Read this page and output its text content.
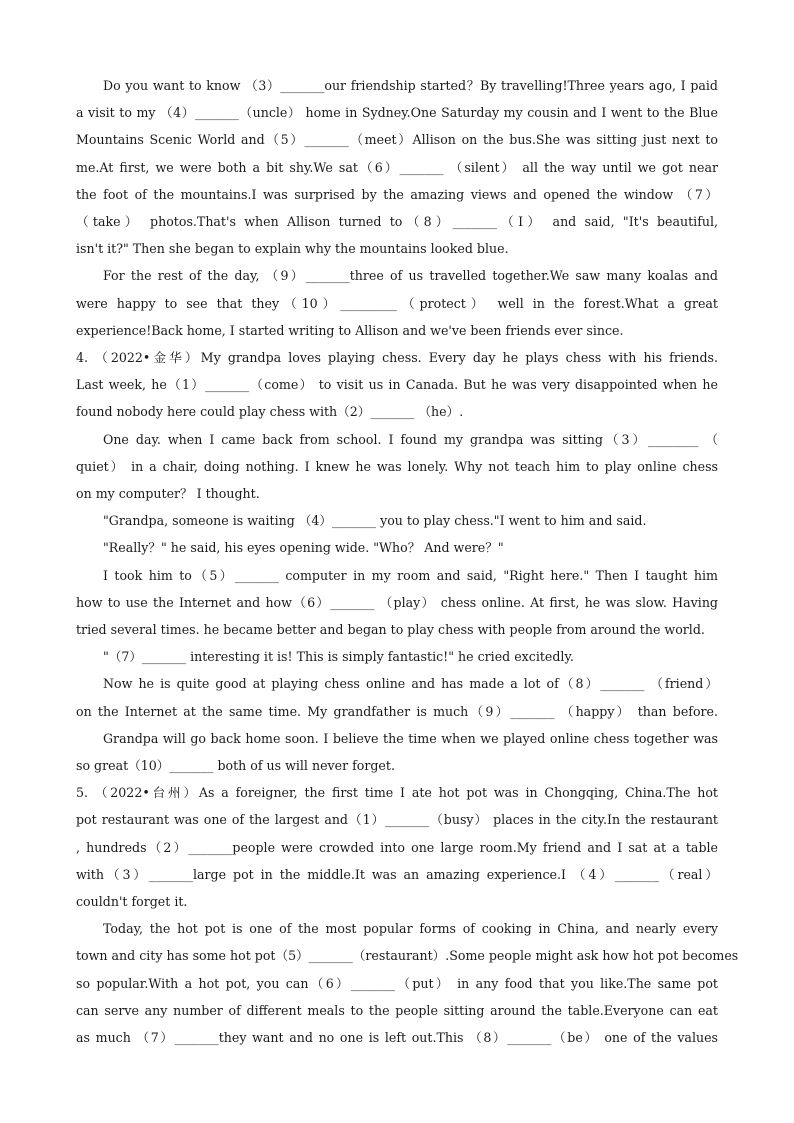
Do you want to know （3）_______our friendship started？By travelling!Three years ago, I paid
a visit to my （4）_______（uncle） home in Sydney.One Saturday my cousin and I went to the Blue
Mountains Scenic World and（5）_______（meet）Allison on the bus.She was sitting just next to
me.At first, we were both a bit shy.We sat（6）_______ （silent） all the way until we got near
the foot of the mountains.I was surprised by the amazing views and opened the window （7）
（take） photos.That's when Allison turned to（8）_______（I） and said, "It's beautiful,
isn't it?" Then she began to explain why the mountains looked blue.
For the rest of the day, （9）_______three of us travelled together.We saw many koalas and
were happy to see that they（10）_________（protect） well in the forest.What a great
experience!Back home, I started writing to Allison and we've been friends ever since.
4. （2022•金华）My grandpa loves playing chess. Every day he plays chess with his friends.
Last week, he（1）_______（come） to visit us in Canada. But he was very disappointed when he
found nobody here could play chess with（2）_______ （he）.
One day. when I came back from school. I found my grandpa was sitting（3）________ （
quiet） in a chair, doing nothing. I knew he was lonely. Why not teach him to play online chess
on my computer？ I thought.
"Grandpa, someone is waiting （4）_______ you to play chess."I went to him and said.
"Really？" he said, his eyes opening wide. "Who？ And were？"
I took him to（5）_______ computer in my room and said, "Right here." Then I taught him
how to use the Internet and how（6）_______ （play） chess online. At first, he was slow. Having
tried several times. he became better and began to play chess with people from around the world.
"（7）_______ interesting it is! This is simply fantastic!" he cried excitedly.
Now he is quite good at playing chess online and has made a lot of（8）_______ （friend）
on the Internet at the same time. My grandfather is much（9）_______ （happy） than before.
Grandpa will go back home soon. I believe the time when we played online chess together was
so great（10）_______ both of us will never forget.
5. （2022•台州）As a foreigner, the first time I ate hot pot was in Chongqing, China.The hot
pot restaurant was one of the largest and（1）_______（busy） places in the city.In the restaurant
, hundreds（2）_______people were crowded into one large room.My friend and I sat at a table
with（3）_______large pot in the middle.It was an amazing experience.I （4）_______（real）
couldn't forget it.
Today, the hot pot is one of the most popular forms of cooking in China, and nearly every
town and city has some hot pot（5）_______（restaurant）.Some people might ask how hot pot becomes
so popular.With a hot pot, you can（6）_______（put） in any food that you like.The same pot
can serve any number of different meals to the people sitting around the table.Everyone can eat
as much （7）_______they want and no one is left out.This （8）_______（be） one of the values
